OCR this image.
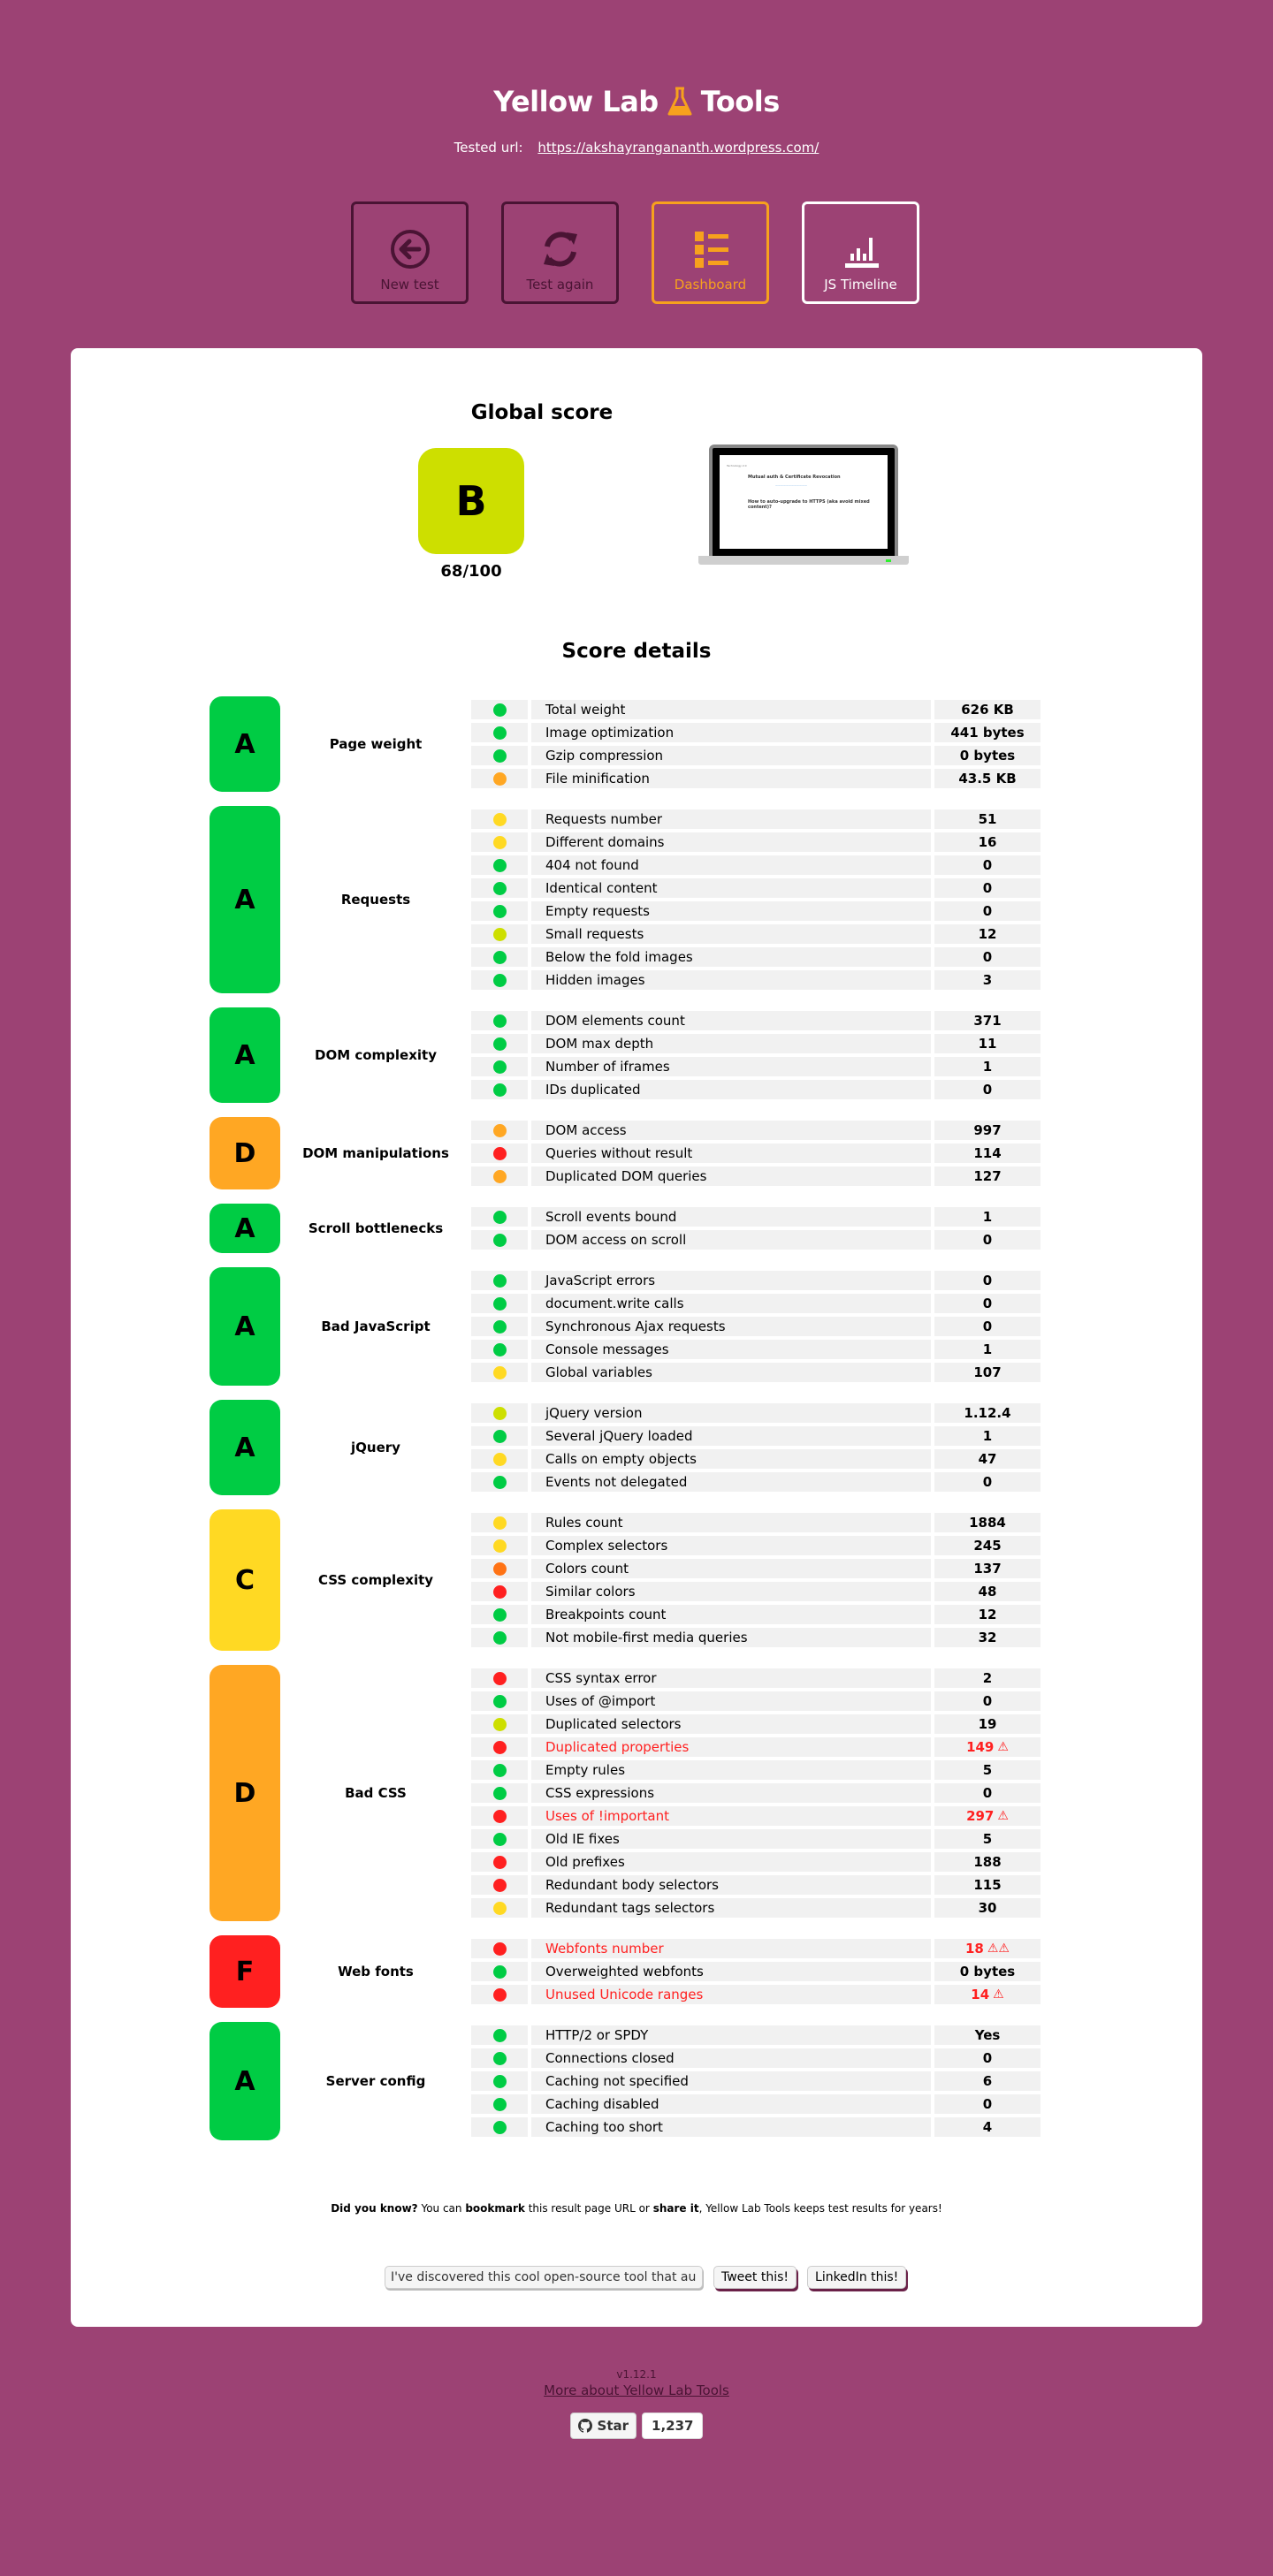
Yellow Lab Tools
Tested url: https://akshayrangananth.wordpress.com/
New test	Test again	Dashboard	JS Timeline
Global score
B
68/100
Technology 2.0
Mutual auth & Certificate Revocation
————————————
How to auto-upgrade to HTTPS (aka avoid mixed content)?
Score details
A	Page weight
Total weight	626 KB
Image optimization	441 bytes
Gzip compression	0 bytes
File minification	43.5 KB
A	Requests
Requests number	51
Different domains	16
404 not found	0
Identical content	0
Empty requests	0
Small requests	12
Below the fold images	0
Hidden images	3
A	DOM complexity
DOM elements count	371
DOM max depth	11
Number of iframes	1
IDs duplicated	0
D	DOM manipulations
DOM access	997
Queries without result	114
Duplicated DOM queries	127
A	Scroll bottlenecks
Scroll events bound	1
DOM access on scroll	0
A	Bad JavaScript
JavaScript errors	0
document.write calls	0
Synchronous Ajax requests	0
Console messages	1
Global variables	107
A	jQuery
jQuery version	1.12.4
Several jQuery loaded	1
Calls on empty objects	47
Events not delegated	0
C	CSS complexity
Rules count	1884
Complex selectors	245
Colors count	137
Similar colors	48
Breakpoints count	12
Not mobile-first media queries	32
D	Bad CSS
CSS syntax error	2
Uses of @import	0
Duplicated selectors	19
Duplicated properties	149 ⚠
Empty rules	5
CSS expressions	0
Uses of !important	297 ⚠
Old IE fixes	5
Old prefixes	188
Redundant body selectors	115
Redundant tags selectors	30
F	Web fonts
Webfonts number	18 ⚠⚠
Overweighted webfonts	0 bytes
Unused Unicode ranges	14 ⚠
A	Server config
HTTP/2 or SPDY	Yes
Connections closed	0
Caching not specified	6
Caching disabled	0
Caching too short	4
Did you know? You can bookmark this result page URL or share it, Yellow Lab Tools keeps test results for years!
I've discovered this cool open-source tool that audits
Tweet this!	LinkedIn this!
v1.12.1
More about Yellow Lab Tools
Star	1,237
